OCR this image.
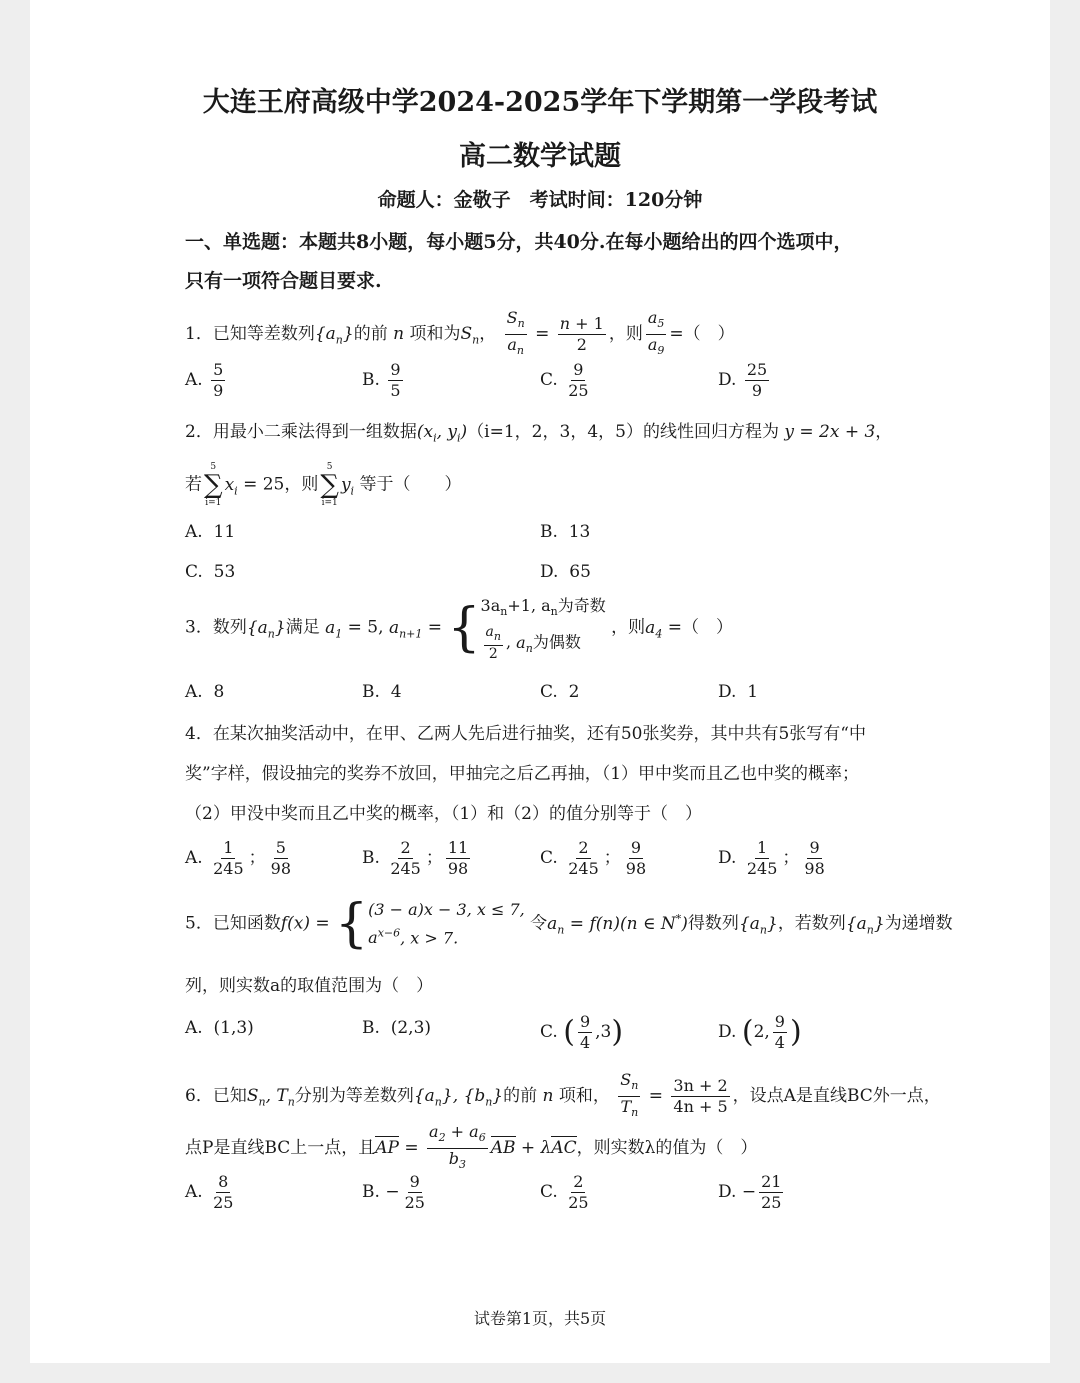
大连王府高级中学2024-2025学年下学期第一学段考试
高二数学试题
命题人：金敬子　考试时间：120分钟
一、单选题：本题共8小题，每小题5分，共40分.在每小题给出的四个选项中，
只有一项符合题目要求.
1．已知等差数列$\{a_n\}$的前 n 项和为$S_n$， $\frac{S_n}{a_n} = \frac{n + 1}{2}$ ，则 $\frac{a_5}{a_9}$ =（　）
A. $\frac{5}{9}$	B. $\frac{9}{5}$	C. $\frac{9}{25}$	D. $\frac{25}{9}$
2．用最小二乘法得到一组数据($x_i$, $y_i)(i=1$，2，3，4，5）的线性回归方程为 y = 2x + 3，
若
5
∑
i=1
$x_i = 25$，则
5
∑
i=1
$y_i$ 等于（　　）
A. 11	B. 13
C. 53	D. 65
3．数列$\{a_n\}$满足 $a_1 = 5$, $a_{n+1}$ = { $3a_n+1$, $a_n$为奇数
$\frac{a_n}{2}$ , $a_n$为偶数
，则$a_4$ =（　）
A. 8	B. 4	C. 2	D. 1
4．在某次抽奖活动中，在甲、乙两人先后进行抽奖，还有50张奖券，其中共有5张写有“中
奖”字样，假设抽完的奖券不放回，甲抽完之后乙再抽，（1）甲中奖而且乙也中奖的概率；
（2）甲没中奖而且乙中奖的概率，（1）和（2）的值分别等于（　）
A. $\frac{1}{245}$ ； $\frac{5}{98}$	B. $\frac{2}{245}$ ； $\frac{11}{98}$	C. $\frac{2}{245}$ ； $\frac{9}{98}$	D. $\frac{1}{245}$ ； $\frac{9}{98}$
5．已知函数f(x) = { (3 − a)x − 3, x ≤ 7,
$a^{x-6}$, x > 7.
令$a_n = f(n)(n$ ∈ N*)得数列$\{a_n\}$，若数列$\{a_n\}$为递增数
列，则实数a的取值范围为（　）
A. (1,3)	B. (2,3)	C. ( $\frac{9}{4} ,3$)	D. (2, $\frac{9}{4}$ )
6．已知$S_n$, $T_n$分别为等差数列$\{a_n\}$, $\{b_n\}$的前 n 项和， $\frac{S_n}{T_n} = \frac{3n + 2}{4n + 5}$ ，设点A是直线BC外一点，
点P是直线BC上一点，且AP = $\frac{a_2 + a_6}{b_3}$ AB + λAC，则实数λ的值为（　）
A. $\frac{8}{25}$	B. − $\frac{9}{25}$	C. $\frac{2}{25}$	D. − $\frac{21}{25}$
试卷第1页，共5页
